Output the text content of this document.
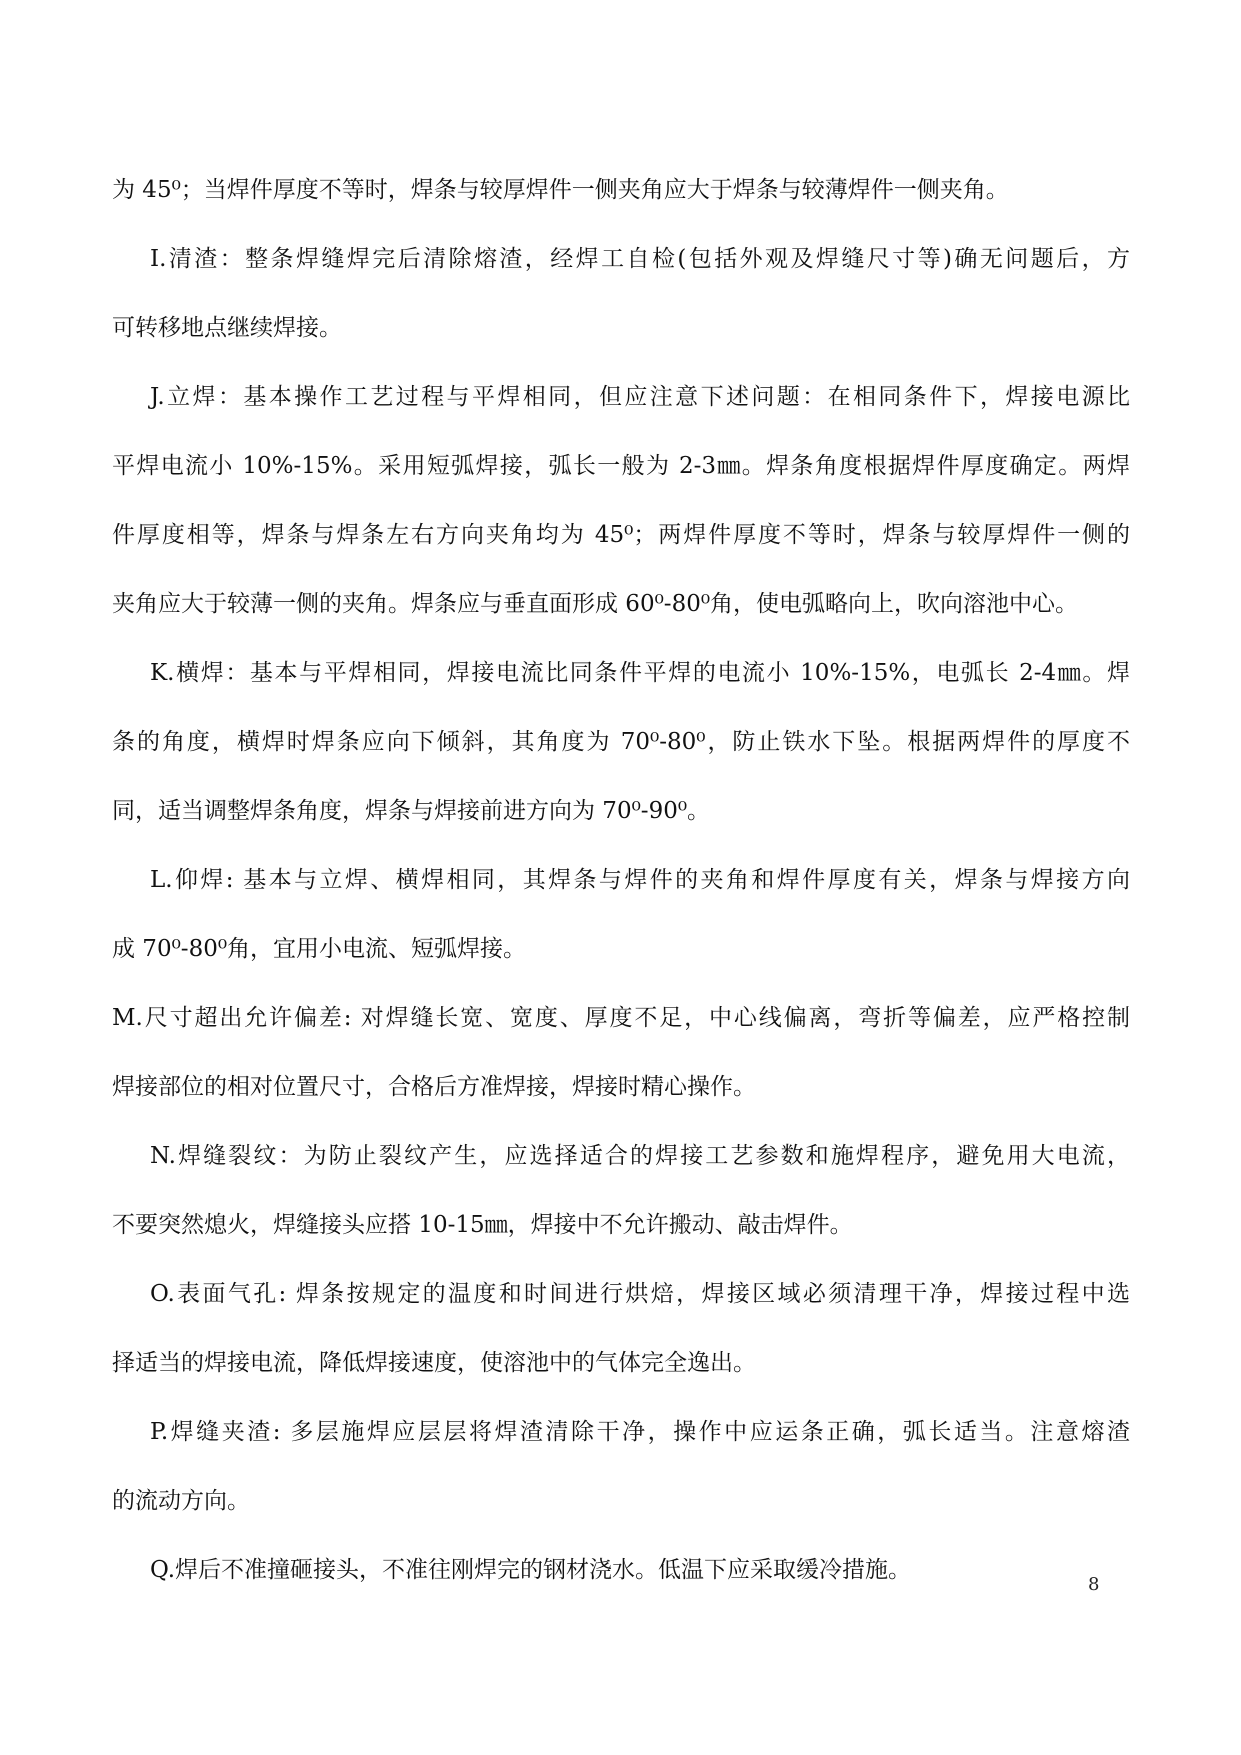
为 45⁰；当焊件厚度不等时，焊条与较厚焊件一侧夹角应大于焊条与较薄焊件一侧夹角。
I.清渣：整条焊缝焊完后清除熔渣，经焊工自检(包括外观及焊缝尺寸等)确无问题后，方
可转移地点继续焊接。
J.立焊：基本操作工艺过程与平焊相同，但应注意下述问题：在相同条件下，焊接电源比
平焊电流小 10%-15%。采用短弧焊接，弧长一般为 2-3㎜。焊条角度根据焊件厚度确定。两焊
件厚度相等，焊条与焊条左右方向夹角均为 45⁰；两焊件厚度不等时，焊条与较厚焊件一侧的
夹角应大于较薄一侧的夹角。焊条应与垂直面形成 60⁰-80⁰角，使电弧略向上，吹向溶池中心。
K.横焊：基本与平焊相同，焊接电流比同条件平焊的电流小 10%-15%，电弧长 2-4㎜。焊
条的角度，横焊时焊条应向下倾斜，其角度为 70⁰-80⁰，防止铁水下坠。根据两焊件的厚度不
同，适当调整焊条角度，焊条与焊接前进方向为 70⁰-90⁰。
L.仰焊: 基本与立焊、横焊相同，其焊条与焊件的夹角和焊件厚度有关，焊条与焊接方向
成 70⁰-80⁰角，宜用小电流、短弧焊接。
M.尺寸超出允许偏差: 对焊缝长宽、宽度、厚度不足，中心线偏离，弯折等偏差，应严格控制
焊接部位的相对位置尺寸，合格后方准焊接，焊接时精心操作。
N.焊缝裂纹：为防止裂纹产生，应选择适合的焊接工艺参数和施焊程序，避免用大电流，
不要突然熄火，焊缝接头应搭 10-15㎜，焊接中不允许搬动、敲击焊件。
O.表面气孔: 焊条按规定的温度和时间进行烘焙，焊接区域必须清理干净，焊接过程中选
择适当的焊接电流，降低焊接速度，使溶池中的气体完全逸出。
P.焊缝夹渣: 多层施焊应层层将焊渣清除干净，操作中应运条正确，弧长适当。注意熔渣
的流动方向。
Q.焊后不准撞砸接头，不准往刚焊完的钢材浇水。低温下应采取缓冷措施。
8
